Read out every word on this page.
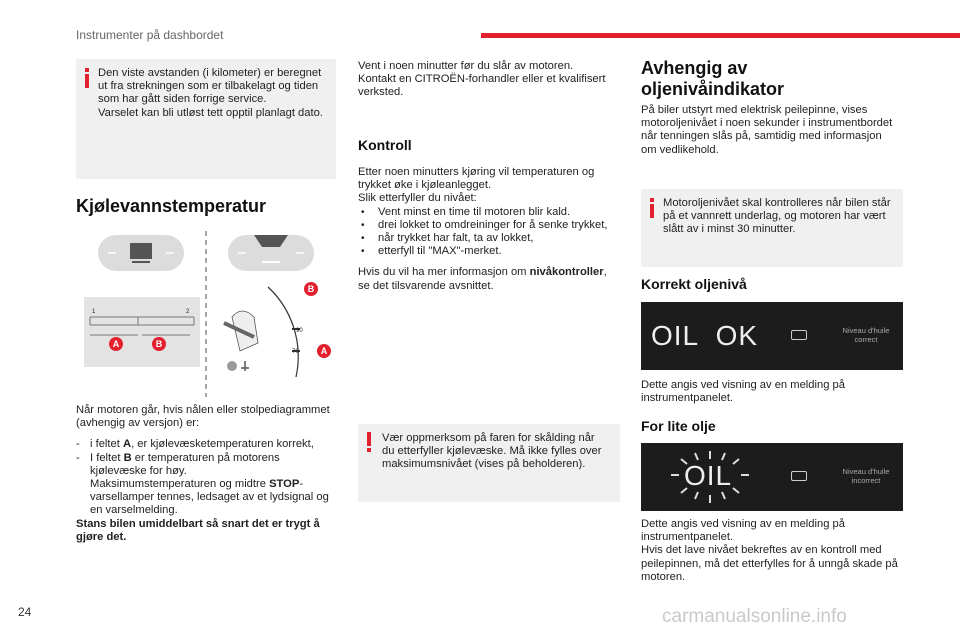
Instrumenter på dashbordet
Den viste avstanden (i kilometer) er beregnet ut fra strekningen som er tilbakelagt og tiden som har gått siden forrige service.
Varselet kan bli utløst tett opptil planlagt dato.
Kjølevannstemperatur
B
A
B
A
90
70
1	2
Når motoren går, hvis nålen eller stolpediagrammet (avhengig av versjon) er:
- i feltet A, er kjølevæsketemperaturen korrekt,
- I feltet B er temperaturen på motorens kjølevæske for høy.
Maksimumstemperaturen og midtre STOP-varsellamper tennes, ledsaget av et lydsignal og en varselmelding.
Stans bilen umiddelbart så snart det er trygt å gjøre det.
Vent i noen minutter før du slår av motoren. Kontakt en CITROËN-forhandler eller et kvalifisert verksted.
Kontroll
Etter noen minutters kjøring vil temperaturen og trykket øke i kjøleanlegget.
Slik etterfyller du nivået:
• Vent minst en time til motoren blir kald.
• drei lokket to omdreininger for å senke trykket,
• når trykket har falt, ta av lokket,
• etterfyll til "MAX"-merket.
Hvis du vil ha mer informasjon om nivåkontroller, se det tilsvarende avsnittet.
Vær oppmerksom på faren for skålding når du etterfyller kjølevæske. Må ikke fylles over maksimumsnivået (vises på beholderen).
Avhengig av
oljenivåindikator
På biler utstyrt med elektrisk peilepinne, vises motoroljenivået i noen sekunder i instrumentbordet når tenningen slås på, samtidig med informasjon om vedlikehold.
Motoroljenivået skal kontrolleres når bilen står på et vannrett underlag, og motoren har vært slått av i minst 30 minutter.
Korrekt oljenivå
OIL  OK	Niveau d'huile
correct
Dette angis ved visning av en melding på instrumentpanelet.
For lite olje
OIL	Niveau d'huile
incorrect
Dette angis ved visning av en melding på instrumentpanelet.
Hvis det lave nivået bekreftes av en kontroll med peilepinnen, må det etterfylles for å unngå skade på motoren.
24	carmanualsonline.info
